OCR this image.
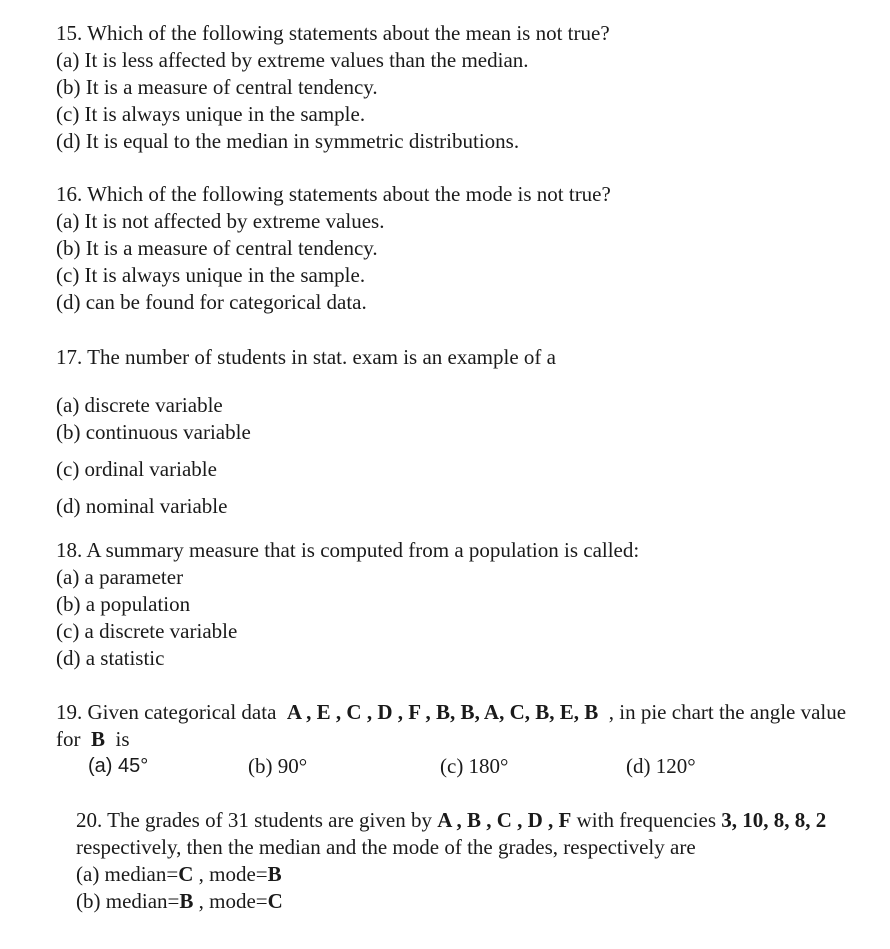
15. Which of the following statements about the mean is not true?
(a) It is less affected by extreme values than the median.
(b) It is a measure of central tendency.
(c) It is always unique in the sample.
(d) It is equal to the median in symmetric distributions.
16. Which of the following statements about the mode is not true?
(a) It is not affected by extreme values.
(b) It is a measure of central tendency.
(c) It is always unique in the sample.
(d) can be found for categorical data.
17. The number of students in stat. exam is an example of a
(a) discrete variable
(b) continuous variable
(c) ordinal variable
(d) nominal variable
18. A summary measure that is computed from a population is called:
(a) a parameter
(b) a population
(c) a discrete variable
(d) a statistic
19. Given categorical data A , E , C , D , F , B, B, A, C, B, E, B , in pie chart the angle value for B is
(a) 45°	(b) 90°	(c) 180°	(d) 120°
20. The grades of 31 students are given by A , B , C , D , F with frequencies 3, 10, 8, 8, 2 respectively, then the median and the mode of the grades, respectively are
(a) median=C , mode=B
(b) median=B , mode=C
